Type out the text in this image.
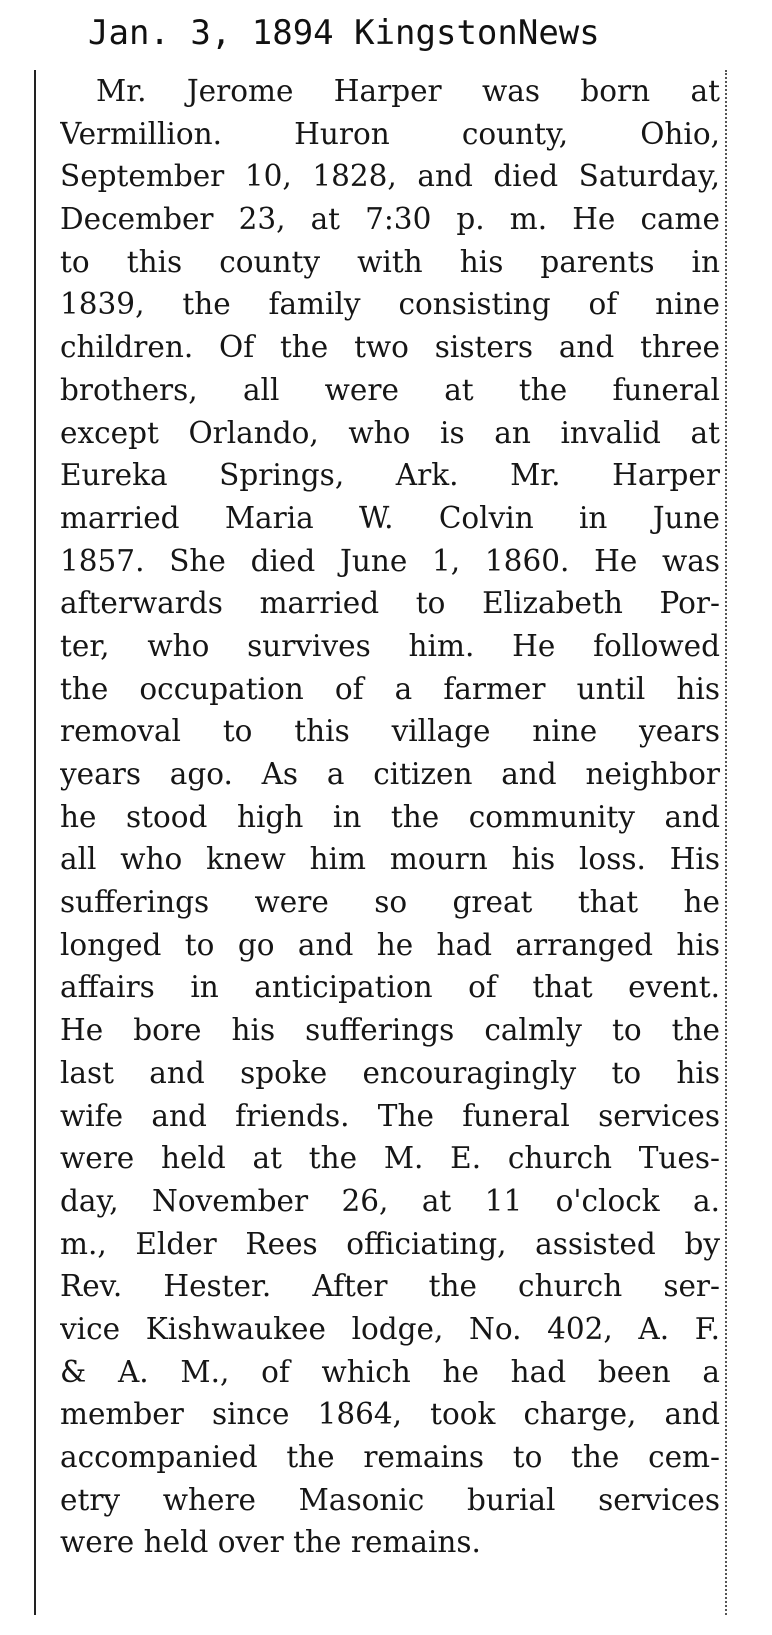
Jan. 3, 1894 KingstonNews
Mr. Jerome Harper was born at
Vermillion. Huron county, Ohio,
September 10, 1828, and died Saturday,
December 23, at 7:30 p. m. He came
to this county with his parents in
1839, the family consisting of nine
children. Of the two sisters and three
brothers, all were at the funeral
except Orlando, who is an invalid at
Eureka Springs, Ark. Mr. Harper
married Maria W. Colvin in June
1857. She died June 1, 1860. He was
afterwards married to Elizabeth Por-
ter, who survives him. He followed
the occupation of a farmer until his
removal to this village nine years
years ago. As a citizen and neighbor
he stood high in the community and
all who knew him mourn his loss. His
sufferings were so great that he
longed to go and he had arranged his
affairs in anticipation of that event.
He bore his sufferings calmly to the
last and spoke encouragingly to his
wife and friends. The funeral services
were held at the M. E. church Tues-
day, November 26, at 11 o'clock a.
m., Elder Rees officiating, assisted by
Rev. Hester. After the church ser-
vice Kishwaukee lodge, No. 402, A. F.
& A. M., of which he had been a
member since 1864, took charge, and
accompanied the remains to the cem-
etry where Masonic burial services
were held over the remains.
